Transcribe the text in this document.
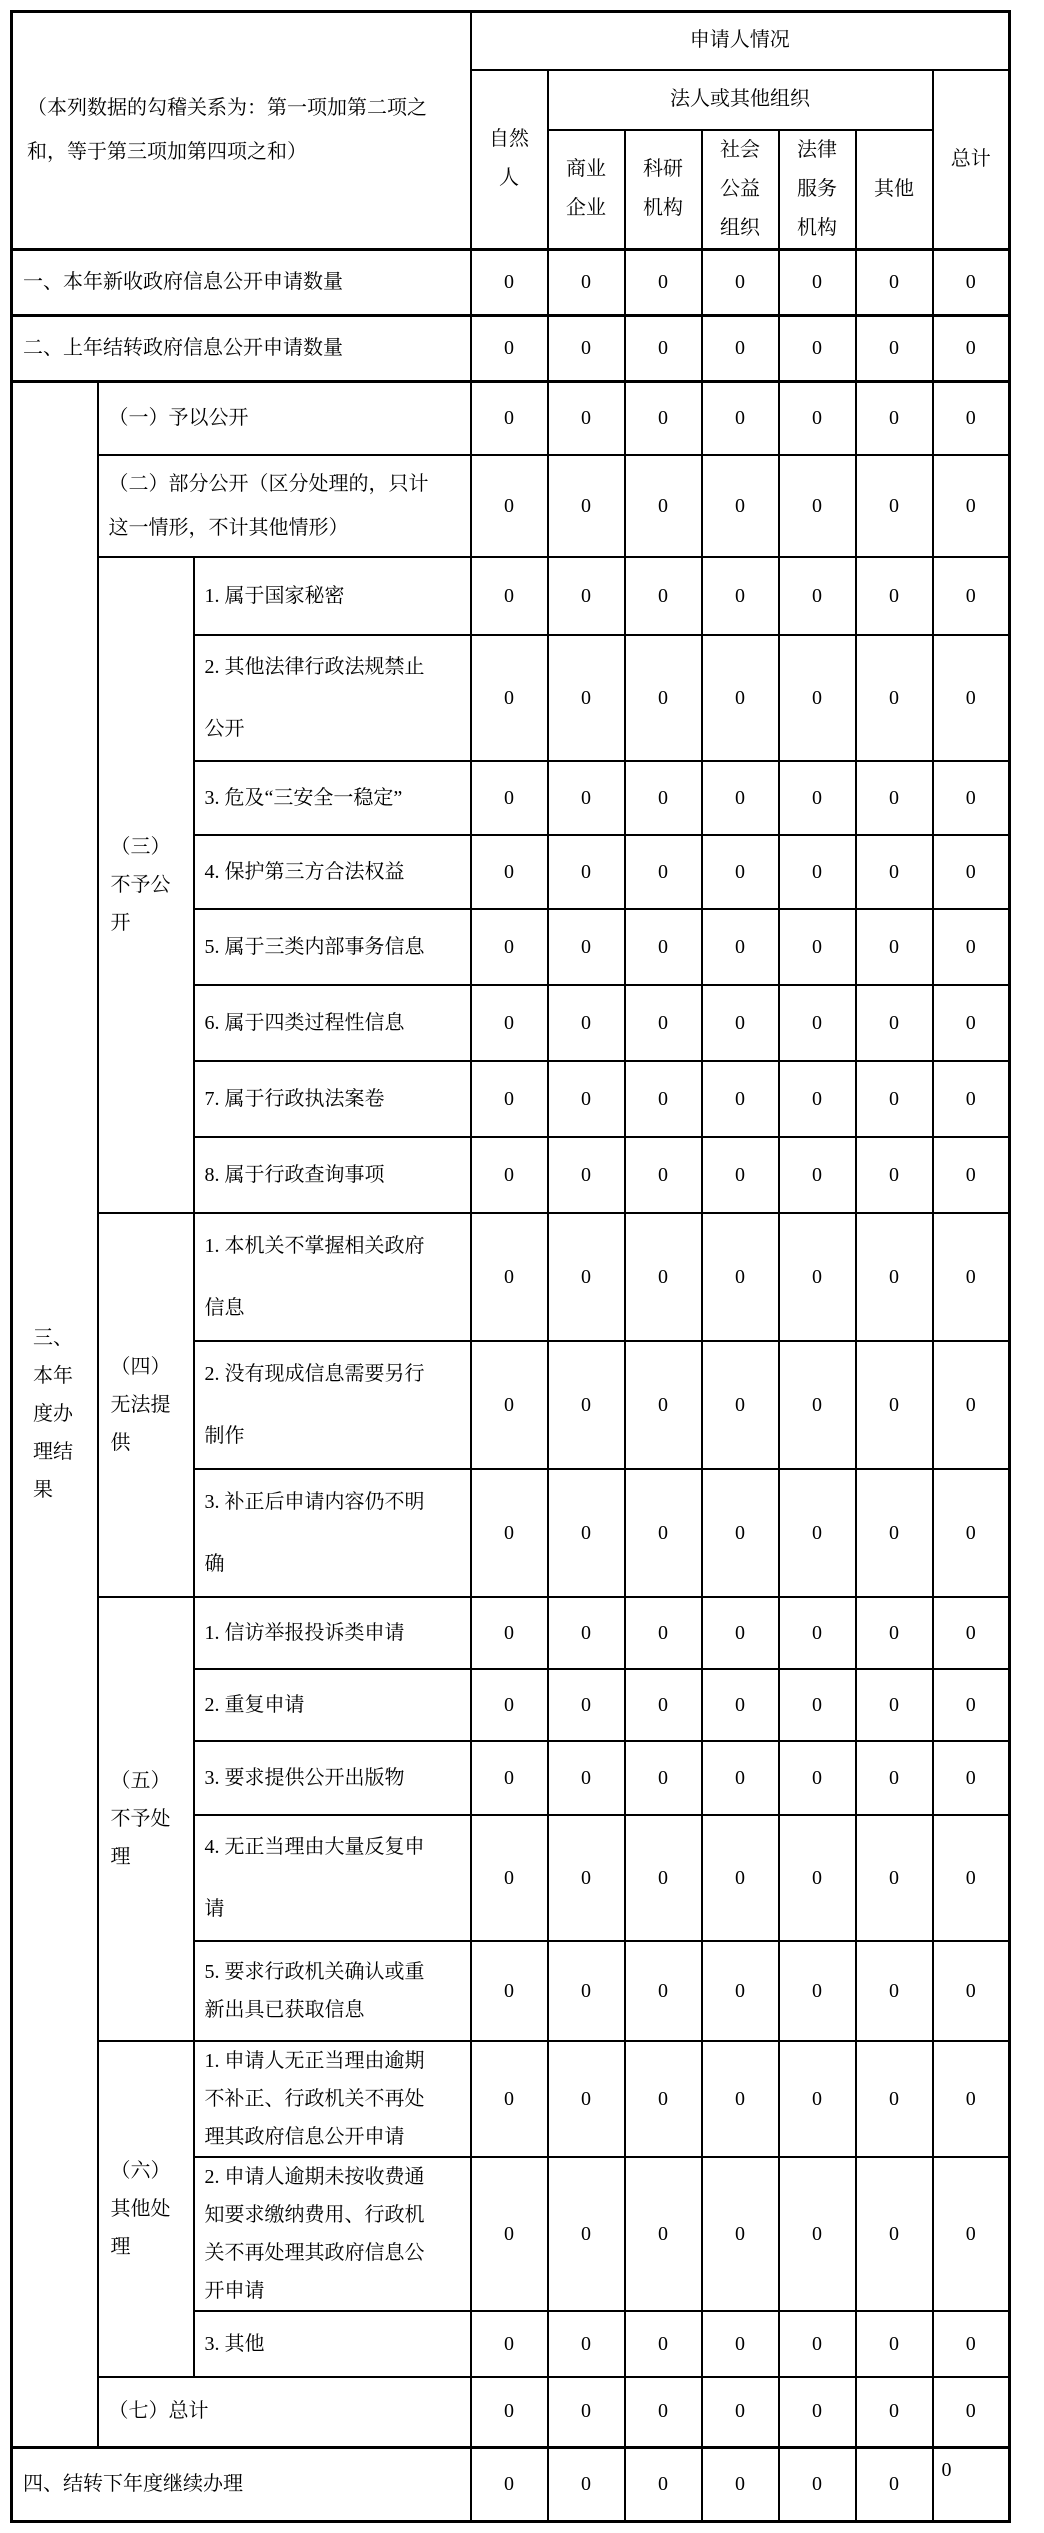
（本列数据的勾稽关系为：第一项加第二项之和，等于第三项加第四项之和）			申请人情况						
			自然人	法人或其他组织					总计
				商业企业	科研机构	社会公益组织	法律服务机构	其他	
一、本年新收政府信息公开申请数量			0	0	0	0	0	0	0
二、上年结转政府信息公开申请数量			0	0	0	0	0	0	0
三、本年度办理结果	（一）予以公开		0	0	0	0	0	0	0
	（二）部分公开（区分处理的，只计这一情形，不计其他情形）		0	0	0	0	0	0	0
	（三）不予公开	1. 属于国家秘密	0	0	0	0	0	0	0
		2. 其他法律行政法规禁止公开	0	0	0	0	0	0	0
		3. 危及“三安全一稳定”	0	0	0	0	0	0	0
		4. 保护第三方合法权益	0	0	0	0	0	0	0
		5. 属于三类内部事务信息	0	0	0	0	0	0	0
		6. 属于四类过程性信息	0	0	0	0	0	0	0
		7. 属于行政执法案卷	0	0	0	0	0	0	0
		8. 属于行政查询事项	0	0	0	0	0	0	0
	（四）无法提供	1. 本机关不掌握相关政府信息	0	0	0	0	0	0	0
		2. 没有现成信息需要另行制作	0	0	0	0	0	0	0
		3. 补正后申请内容仍不明确	0	0	0	0	0	0	0
	（五）不予处理	1. 信访举报投诉类申请	0	0	0	0	0	0	0
		2. 重复申请	0	0	0	0	0	0	0
		3. 要求提供公开出版物	0	0	0	0	0	0	0
		4. 无正当理由大量反复申请	0	0	0	0	0	0	0
		5. 要求行政机关确认或重新出具已获取信息	0	0	0	0	0	0	0
	（六）其他处理	1. 申请人无正当理由逾期不补正、行政机关不再处理其政府信息公开申请	0	0	0	0	0	0	0
		2. 申请人逾期未按收费通知要求缴纳费用、行政机关不再处理其政府信息公开申请	0	0	0	0	0	0	0
		3. 其他	0	0	0	0	0	0	0
	（七）总计		0	0	0	0	0	0	0
四、结转下年度继续办理			0	0	0	0	0	0	0
